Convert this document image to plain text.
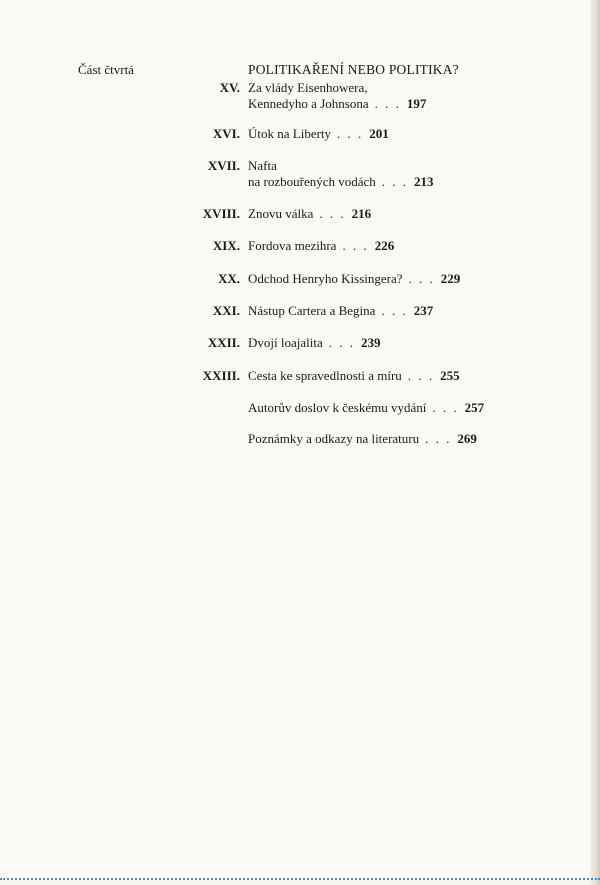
Část čtvrtá	POLITIKAŘENÍ NEBO POLITIKA?
XV. Za vlády Eisenhowera,
Kennedyho a Johnsona . . . 197
XVI. Útok na Liberty . . . 201
XVII. Nafta
na rozbouřených vodách . . . 213
XVIII. Znovu válka . . . 216
XIX. Fordova mezihra . . . 226
XX. Odchod Henryho Kissingera? . . . 229
XXI. Nástup Cartera a Begina . . . 237
XXII. Dvojí loajalita . . . 239
XXIII. Cesta ke spravedlnosti a míru . . . 255
Autorův doslov k českému vydání . . . 257
Poznámky a odkazy na literaturu . . . 269
